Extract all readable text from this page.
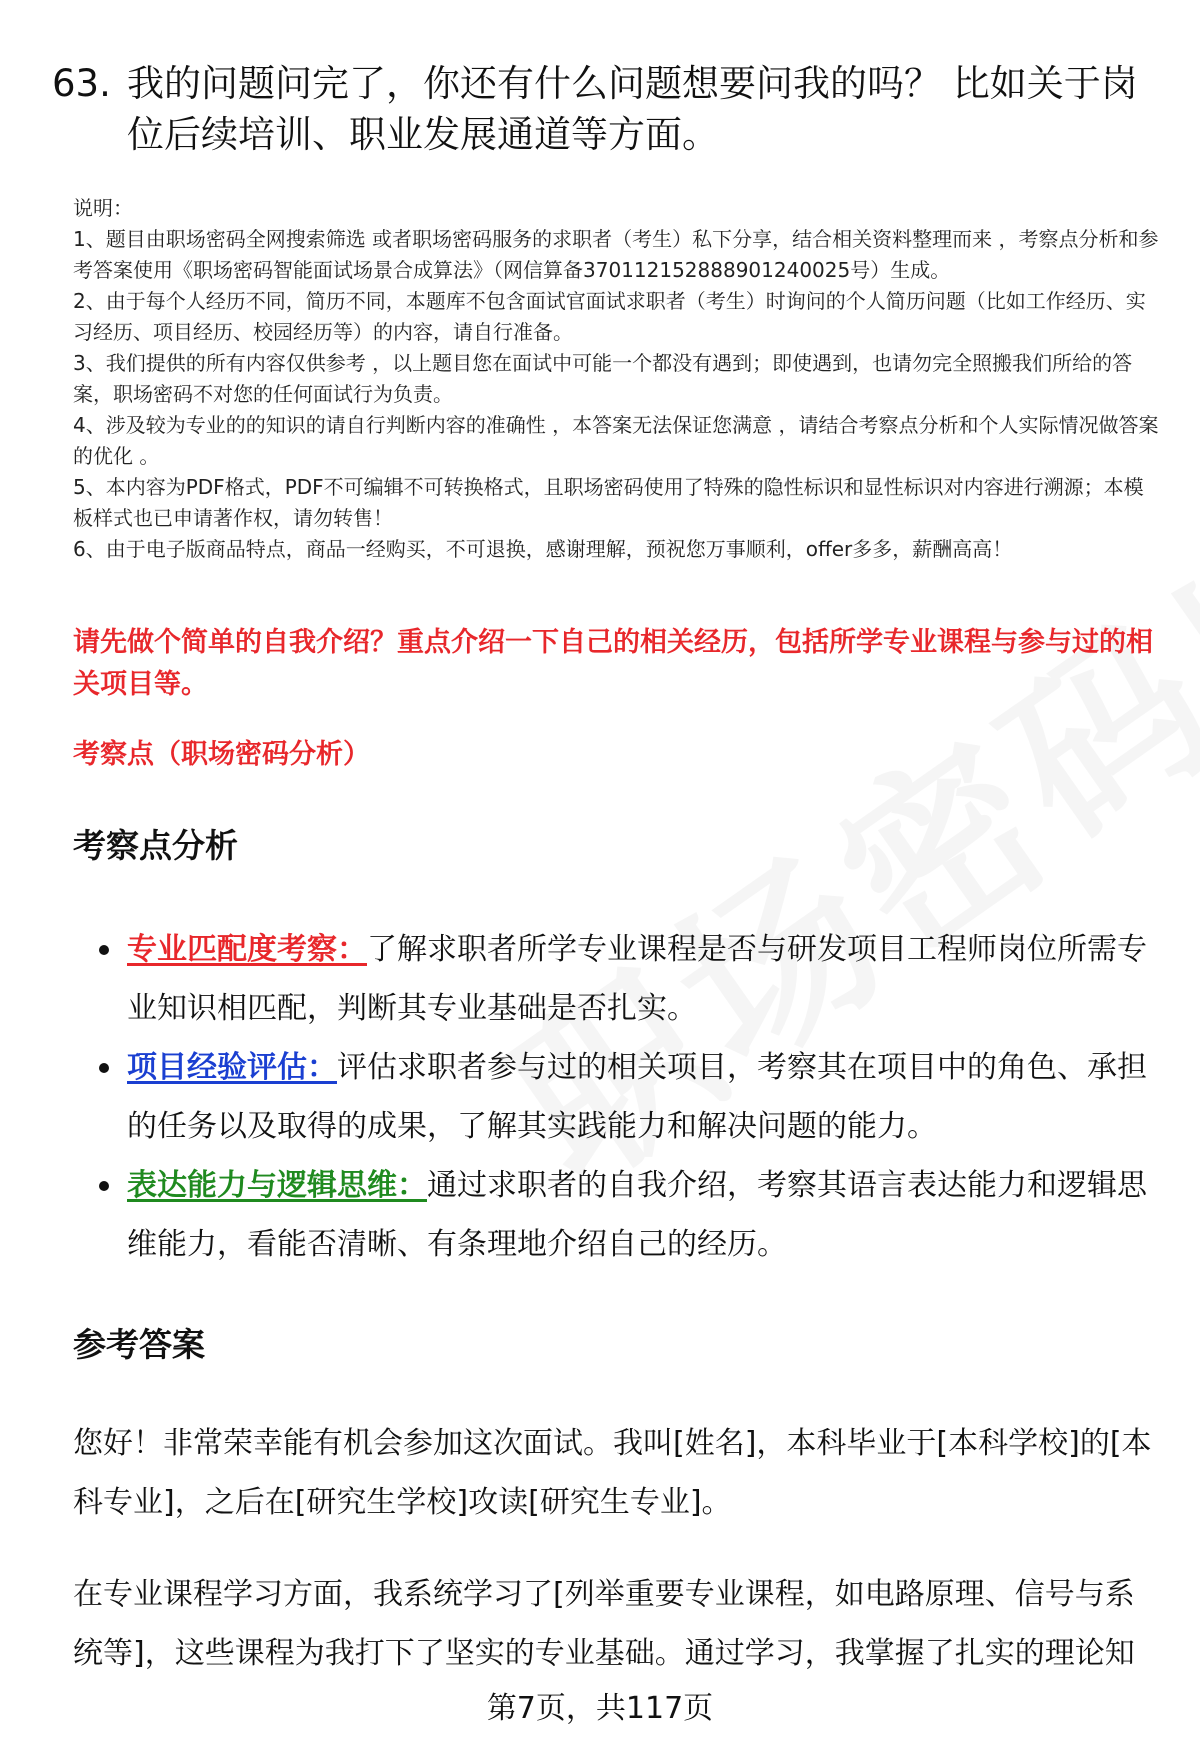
63. 我的问题问完了，你还有什么问题想要问我的吗？ 比如关于岗位后续培训、职业发展通道等方面。

说明：

1、题目由职场密码全网搜索筛选 或者职场密码服务的求职者（考生）私下分享，结合相关资料整理而来 ，考察点分析和参考答案使用《职场密码智能面试场景合成算法》（网信算备370112152888901240025号）生成。

2、由于每个人经历不同，简历不同，本题库不包含面试官面试求职者（考生）时询问的个人简历问题（比如工作经历、实习经历、项目经历、校园经历等）的内容，请自行准备。

3、我们提供的所有内容仅供参考 ，以上题目您在面试中可能一个都没有遇到；即使遇到，也请勿完全照搬我们所给的答案，职场密码不对您的任何面试行为负责。

4、涉及较为专业的的知识的请自行判断内容的准确性 ，本答案无法保证您满意 ，请结合考察点分析和个人实际情况做答案的优化 。

5、本内容为PDF格式，PDF不可编辑不可转换格式，且职场密码使用了特殊的隐性标识和显性标识对内容进行溯源；本模板样式也已申请著作权，请勿转售！

6、由于电子版商品特点，商品一经购买，不可退换，感谢理解，预祝您万事顺利，offer多多，薪酬高高！

请先做个简单的自我介绍？重点介绍一下自己的相关经历，包括所学专业课程与参与过的相关项目等。
考察点（职场密码分析）
考察点分析
专业匹配度考察：了解求职者所学专业课程是否与研发项目工程师岗位所需专业知识相匹配，判断其专业基础是否扎实。
项目经验评估：评估求职者参与过的相关项目，考察其在项目中的角色、承担的任务以及取得的成果，了解其实践能力和解决问题的能力。
表达能力与逻辑思维：通过求职者的自我介绍，考察其语言表达能力和逻辑思维能力，看能否清晰、有条理地介绍自己的经历。
参考答案

您好！非常荣幸能有机会参加这次面试。我叫[姓名]，本科毕业于[本科学校]的[本科专业]，之后在[研究生学校]攻读[研究生专业]。

在专业课程学习方面，我系统学习了[列举重要专业课程，如电路原理、信号与系统等]，这些课程为我打下了坚实的专业基础。通过学习，我掌握了扎实的理论知

第7页，共117页
